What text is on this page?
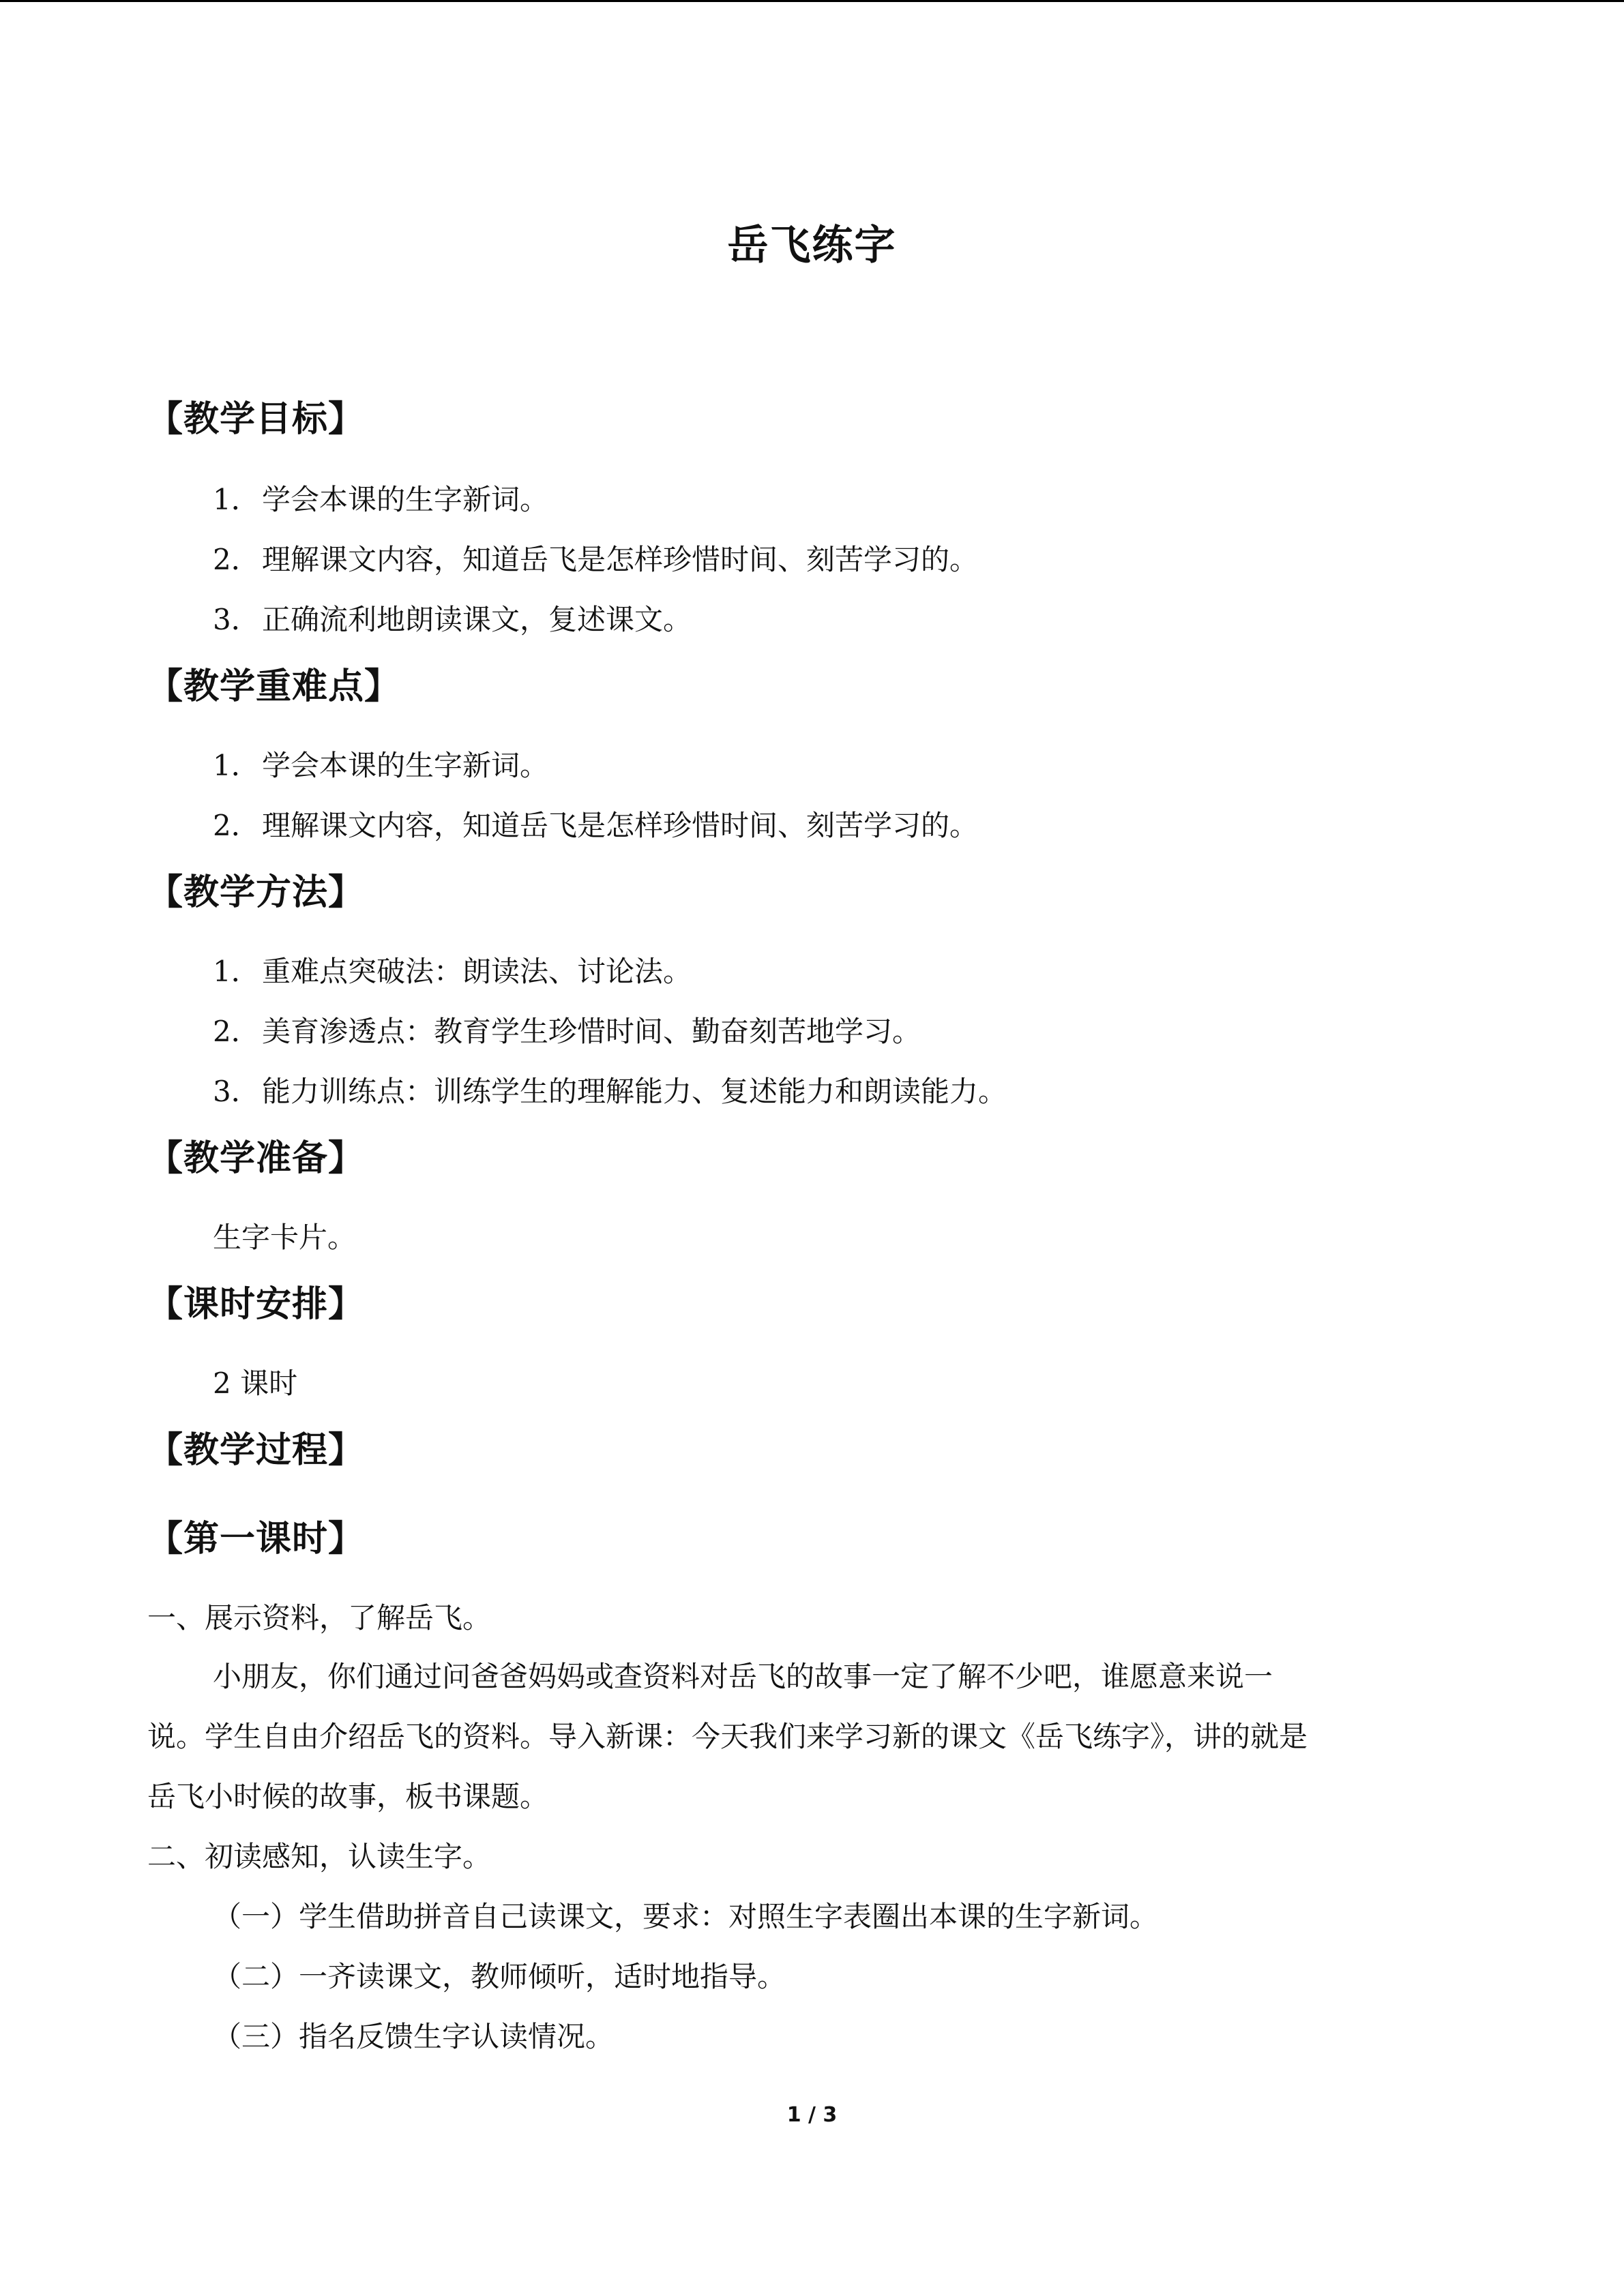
岳飞练字
【教学目标】
1．学会本课的生字新词。
2．理解课文内容，知道岳飞是怎样珍惜时间、刻苦学习的。
3．正确流利地朗读课文，复述课文。
【教学重难点】
1．学会本课的生字新词。
2．理解课文内容，知道岳飞是怎样珍惜时间、刻苦学习的。
【教学方法】
1．重难点突破法：朗读法、讨论法。
2．美育渗透点：教育学生珍惜时间、勤奋刻苦地学习。
3．能力训练点：训练学生的理解能力、复述能力和朗读能力。
【教学准备】
生字卡片。
【课时安排】
2 课时
【教学过程】
【第一课时】
一、展示资料，了解岳飞。
小朋友，你们通过问爸爸妈妈或查资料对岳飞的故事一定了解不少吧，谁愿意来说一
说。学生自由介绍岳飞的资料。导入新课：今天我们来学习新的课文《岳飞练字》，讲的就是
岳飞小时候的故事，板书课题。
二、初读感知，认读生字。
（一）学生借助拼音自己读课文，要求：对照生字表圈出本课的生字新词。
（二）一齐读课文，教师倾听，适时地指导。
（三）指名反馈生字认读情况。
1 / 3
